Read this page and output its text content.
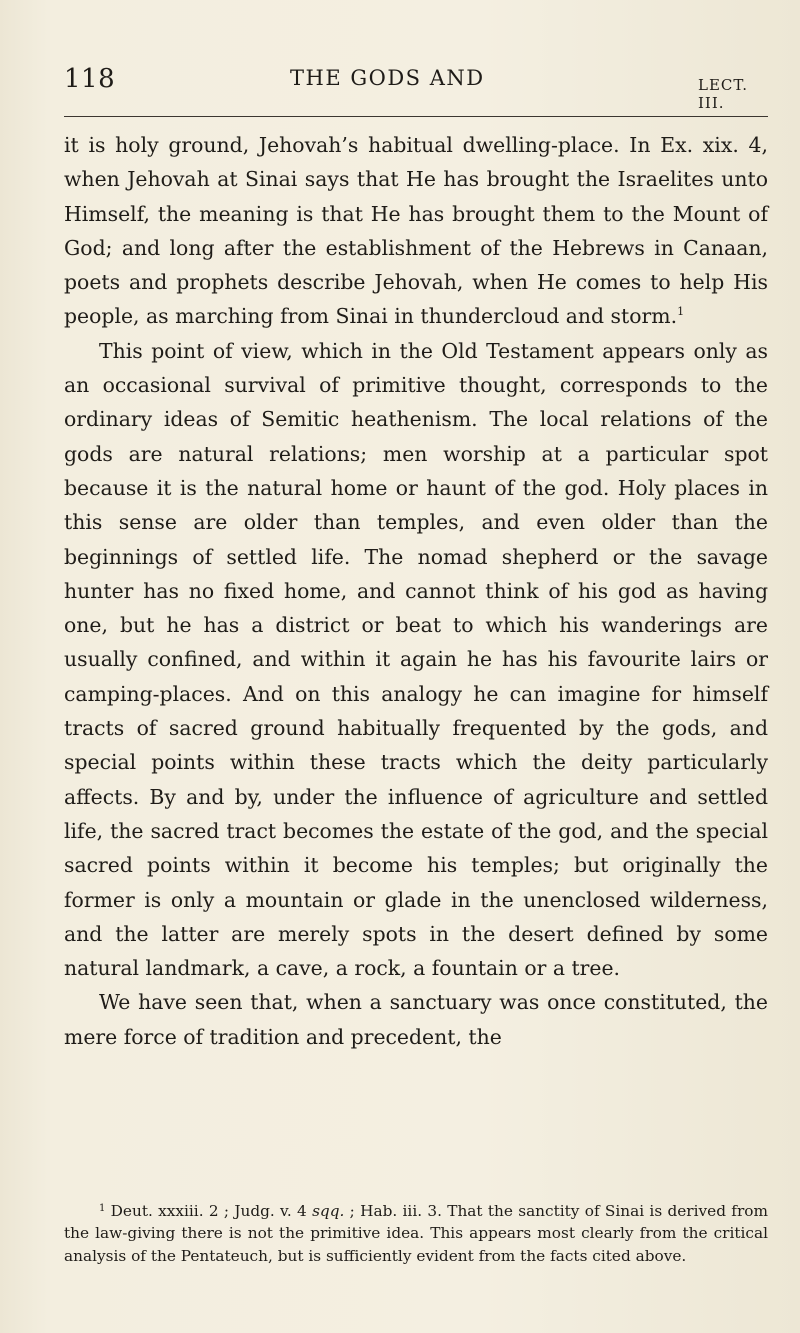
118	THE GODS AND	LECT. III.

it is holy ground, Jehovah’s habitual dwelling-place. In Ex. xix. 4, when Jehovah at Sinai says that He has brought the Israelites unto Himself, the meaning is that He has brought them to the Mount of God; and long after the establishment of the Hebrews in Canaan, poets and prophets describe Jehovah, when He comes to help His people, as marching from Sinai in thundercloud and storm.$^1$

This point of view, which in the Old Testament appears only as an occasional survival of primitive thought, corresponds to the ordinary ideas of Semitic heathenism. The local relations of the gods are natural relations; men worship at a particular spot because it is the natural home or haunt of the god. Holy places in this sense are older than temples, and even older than the beginnings of settled life. The nomad shepherd or the savage hunter has no fixed home, and cannot think of his god as having one, but he has a district or beat to which his wanderings are usually confined, and within it again he has his favourite lairs or camping-places. And on this analogy he can imagine for himself tracts of sacred ground habitually frequented by the gods, and special points within these tracts which the deity particularly affects. By and by, under the influence of agriculture and settled life, the sacred tract becomes the estate of the god, and the special sacred points within it become his temples; but originally the former is only a mountain or glade in the unenclosed wilderness, and the latter are merely spots in the desert defined by some natural landmark, a cave, a rock, a fountain or a tree.

We have seen that, when a sanctuary was once constituted, the mere force of tradition and precedent, the

$^1$ Deut. xxxiii. 2 ; Judg. v. 4 sqq. ; Hab. iii. 3. That the sanctity of Sinai is derived from the law-giving there is not the primitive idea. This appears most clearly from the critical analysis of the Pentateuch, but is sufficiently evident from the facts cited above.
